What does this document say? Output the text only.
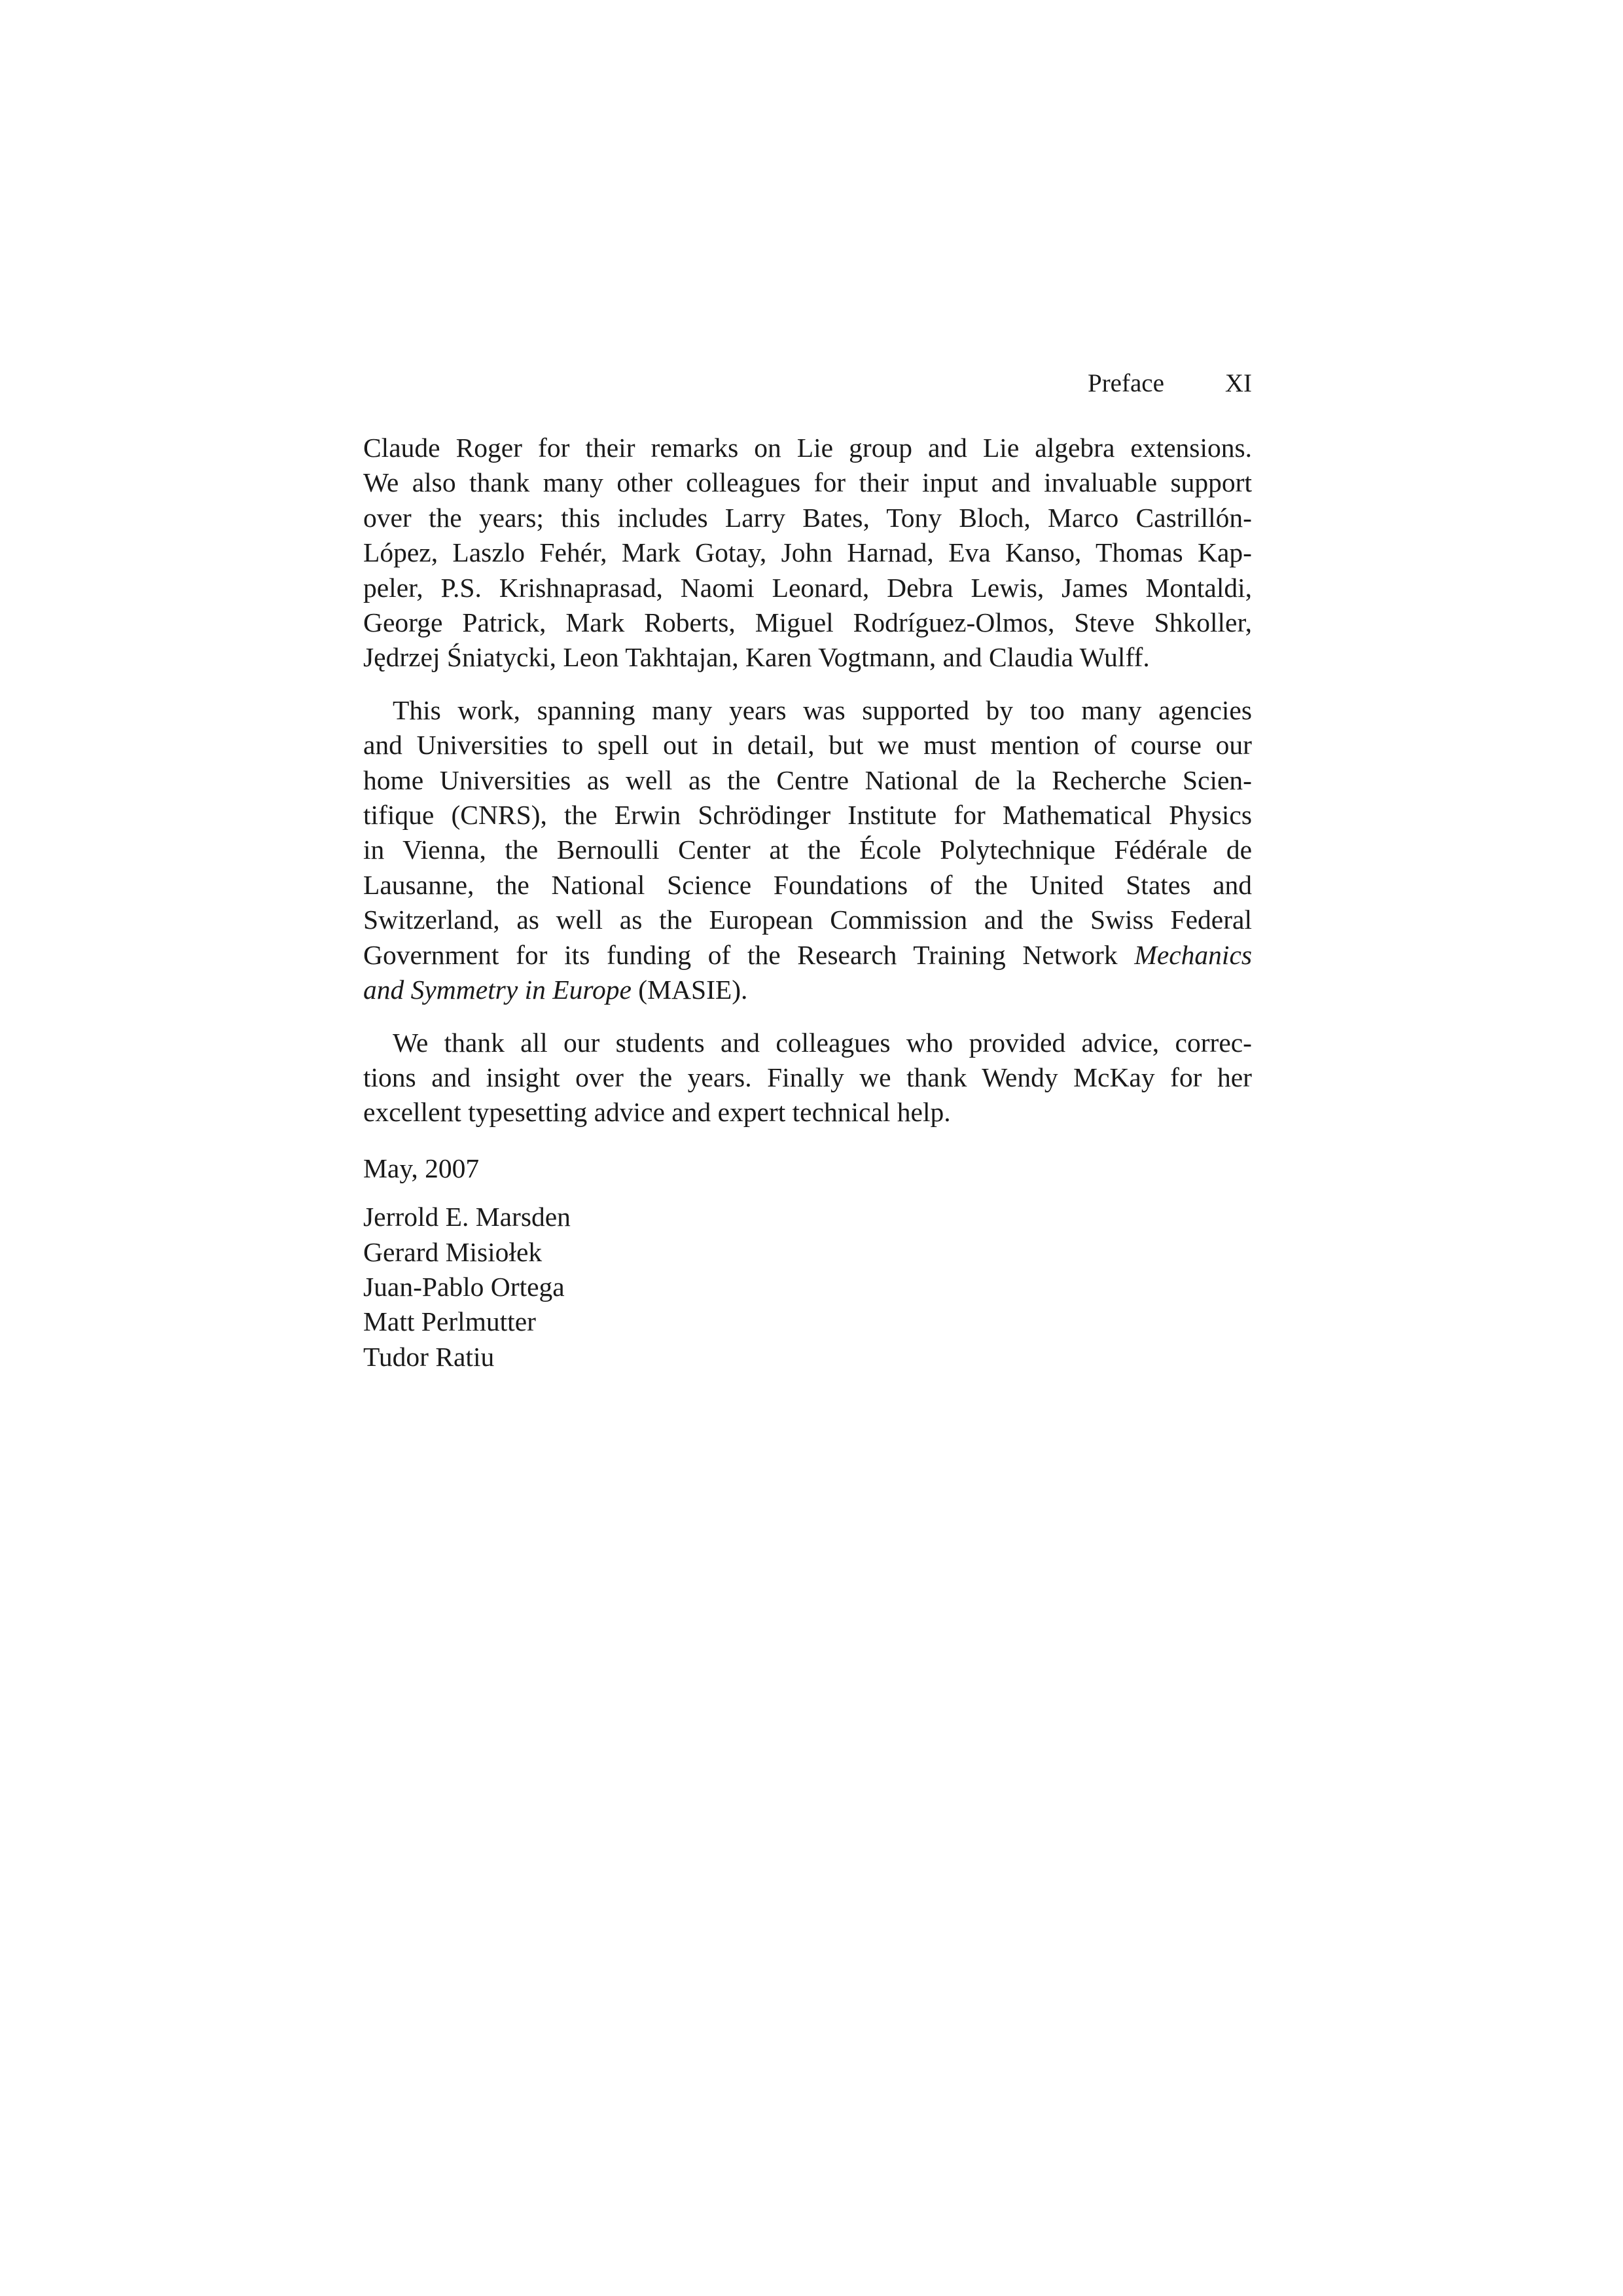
Preface XI

Claude Roger for their remarks on Lie group and Lie algebra extensions.
We also thank many other colleagues for their input and invaluable support
over the years; this includes Larry Bates, Tony Bloch, Marco Castrillón-
López, Laszlo Fehér, Mark Gotay, John Harnad, Eva Kanso, Thomas Kap-
peler, P.S. Krishnaprasad, Naomi Leonard, Debra Lewis, James Montaldi,
George Patrick, Mark Roberts, Miguel Rodríguez-Olmos, Steve Shkoller,
Jędrzej Śniatycki, Leon Takhtajan, Karen Vogtmann, and Claudia Wulff.

This work, spanning many years was supported by too many agencies
and Universities to spell out in detail, but we must mention of course our
home Universities as well as the Centre National de la Recherche Scien-
tifique (CNRS), the Erwin Schrödinger Institute for Mathematical Physics
in Vienna, the Bernoulli Center at the École Polytechnique Fédérale de
Lausanne, the National Science Foundations of the United States and
Switzerland, as well as the European Commission and the Swiss Federal
Government for its funding of the Research Training Network Mechanics
and Symmetry in Europe (MASIE).

We thank all our students and colleagues who provided advice, correc-
tions and insight over the years. Finally we thank Wendy McKay for her
excellent typesetting advice and expert technical help.

May, 2007
Jerrold E. Marsden
Gerard Misiołek
Juan-Pablo Ortega
Matt Perlmutter
Tudor Ratiu
